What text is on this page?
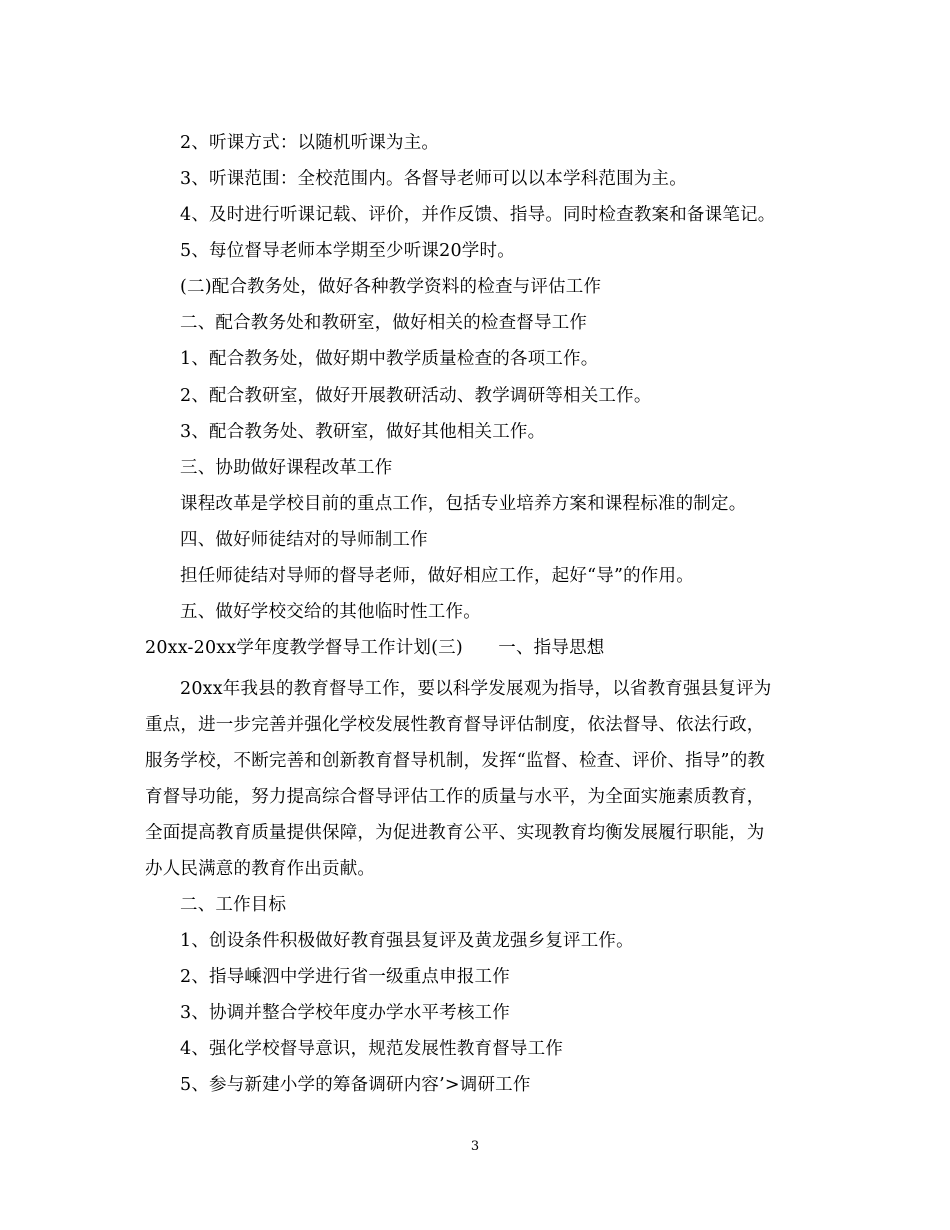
2、听课方式：以随机听课为主。
3、听课范围：全校范围内。各督导老师可以以本学科范围为主。
4、及时进行听课记载、评价，并作反馈、指导。同时检查教案和备课笔记。
5、每位督导老师本学期至少听课20学时。
(二)配合教务处，做好各种教学资料的检查与评估工作
二、配合教务处和教研室，做好相关的检查督导工作
1、配合教务处，做好期中教学质量检查的各项工作。
2、配合教研室，做好开展教研活动、教学调研等相关工作。
3、配合教务处、教研室，做好其他相关工作。
三、协助做好课程改革工作
课程改革是学校目前的重点工作，包括专业培养方案和课程标准的制定。
四、做好师徒结对的导师制工作
担任师徒结对导师的督导老师，做好相应工作，起好“导”的作用。
五、做好学校交给的其他临时性工作。
20xx-20xx学年度教学督导工作计划(三)　　一、指导思想
20xx年我县的教育督导工作，要以科学发展观为指导，以省教育强县复评为
重点，进一步完善并强化学校发展性教育督导评估制度，依法督导、依法行政，
服务学校，不断完善和创新教育督导机制，发挥“监督、检查、评价、指导”的教
育督导功能，努力提高综合督导评估工作的质量与水平，为全面实施素质教育，
全面提高教育质量提供保障，为促进教育公平、实现教育均衡发展履行职能，为
办人民满意的教育作出贡献。
二、工作目标
1、创设条件积极做好教育强县复评及黄龙强乡复评工作。
2、指导嵊泗中学进行省一级重点申报工作
3、协调并整合学校年度办学水平考核工作
4、强化学校督导意识，规范发展性教育督导工作
5、参与新建小学的筹备调研内容’>调研工作
3
